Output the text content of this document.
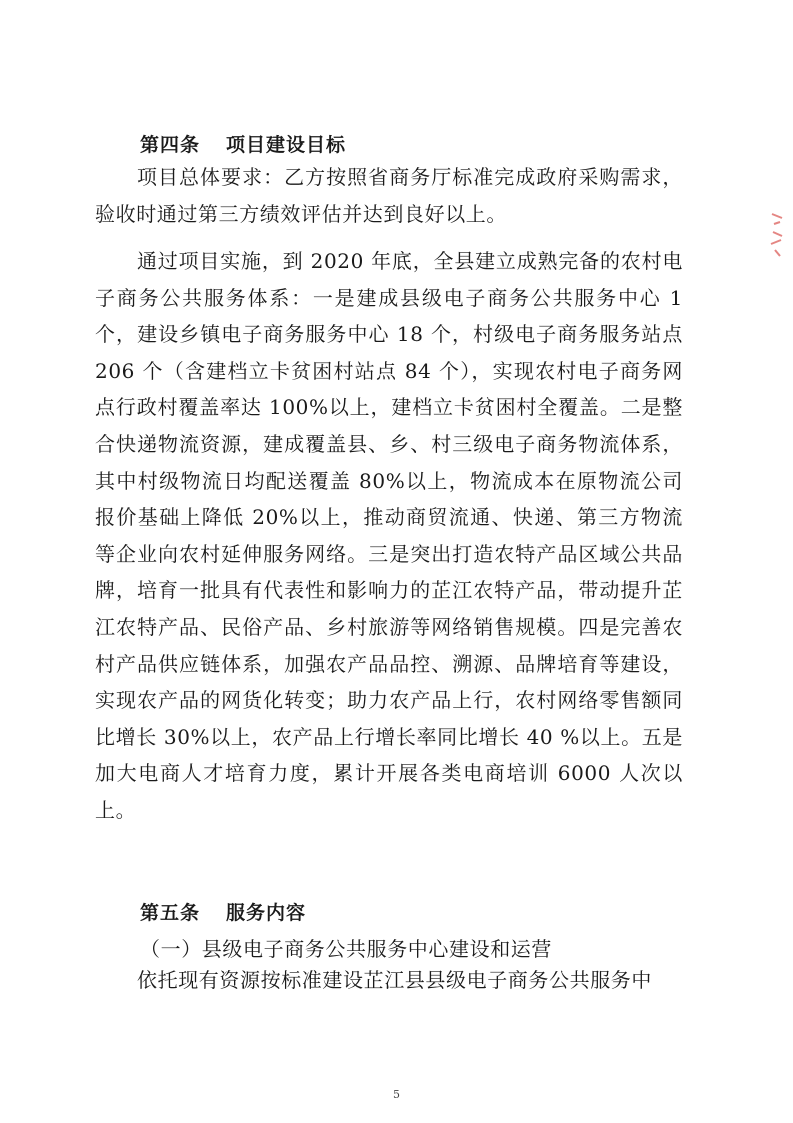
第四条 项目建设目标

项目总体要求：乙方按照省商务厅标准完成政府采购需求，验收时通过第三方绩效评估并达到良好以上。

通过项目实施，到 2020 年底，全县建立成熟完备的农村电子商务公共服务体系：一是建成县级电子商务公共服务中心 1 个，建设乡镇电子商务服务中心 18 个，村级电子商务服务站点 206 个（含建档立卡贫困村站点 84 个），实现农村电子商务网点行政村覆盖率达 100%以上，建档立卡贫困村全覆盖。二是整合快递物流资源，建成覆盖县、乡、村三级电子商务物流体系，其中村级物流日均配送覆盖 80%以上，物流成本在原物流公司报价基础上降低 20%以上，推动商贸流通、快递、第三方物流等企业向农村延伸服务网络。三是突出打造农特产品区域公共品牌，培育一批具有代表性和影响力的芷江农特产品，带动提升芷江农特产品、民俗产品、乡村旅游等网络销售规模。四是完善农村产品供应链体系，加强农产品品控、溯源、品牌培育等建设，实现农产品的网货化转变；助力农产品上行，农村网络零售额同比增长 30%以上，农产品上行增长率同比增长 40 %以上。五是加大电商人才培育力度，累计开展各类电商培训 6000 人次以上。

第五条 服务内容
（一）县级电子商务公共服务中心建设和运营

依托现有资源按标准建设芷江县县级电子商务公共服务中

5
